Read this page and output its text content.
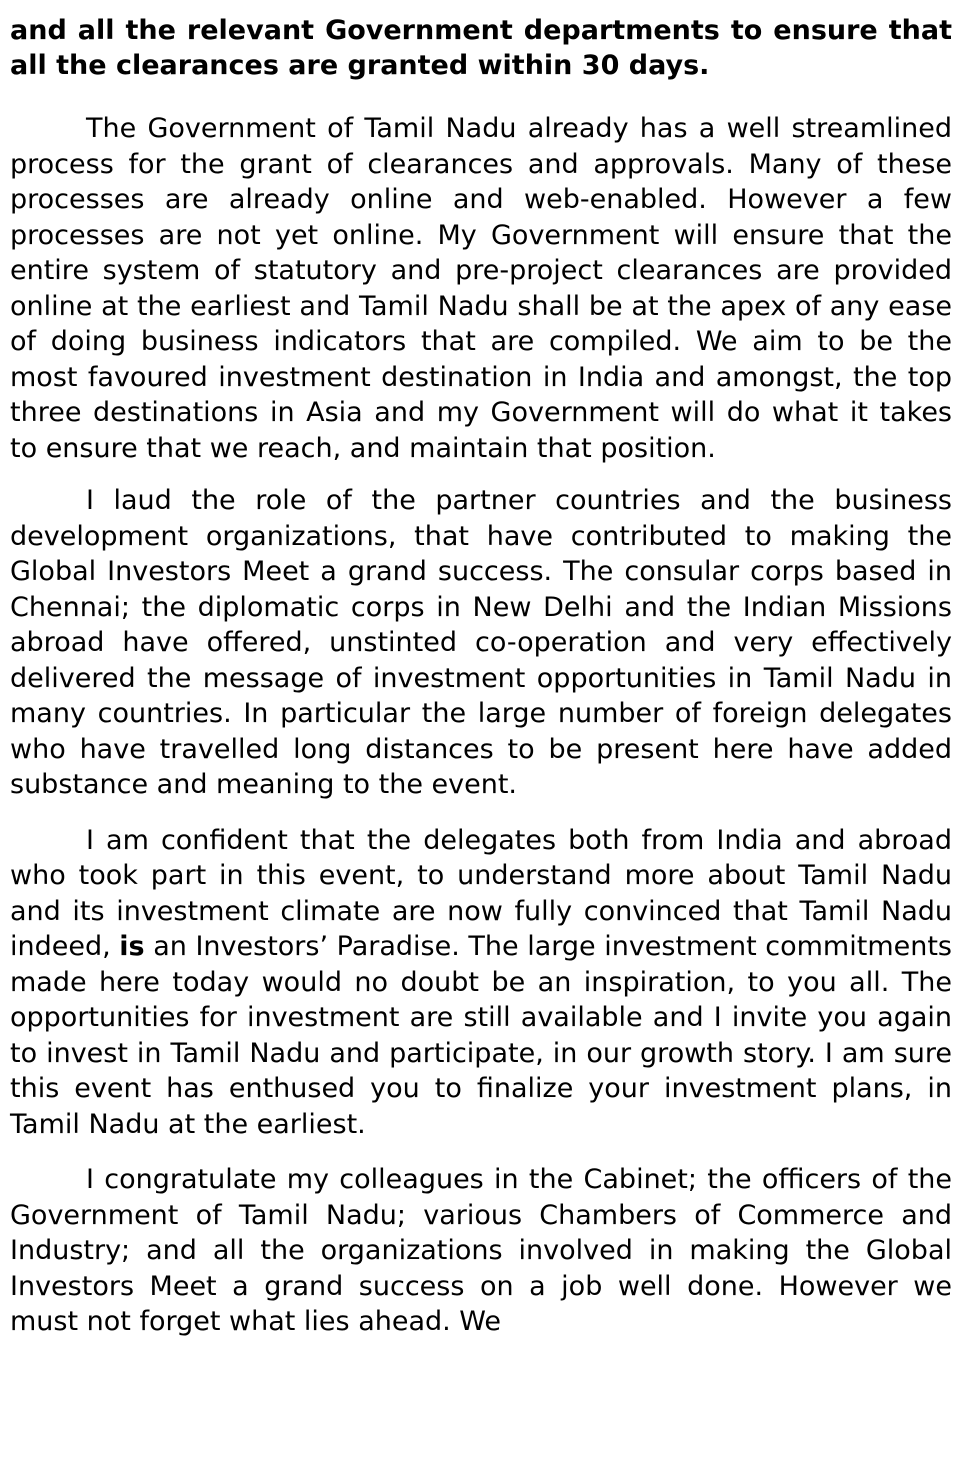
and all the relevant Government departments to ensure that all the clearances are granted within 30 days.

The Government of Tamil Nadu already has a well streamlined process for the grant of clearances and approvals. Many of these processes are already online and web-enabled. However a few processes are not yet online. My Government will ensure that the entire system of statutory and pre-project clearances are provided online at the earliest and Tamil Nadu shall be at the apex of any ease of doing business indicators that are compiled. We aim to be the most favoured investment destination in India and amongst, the top three destinations in Asia and my Government will do what it takes to ensure that we reach, and maintain that position.

I laud the role of the partner countries and the business development organizations, that have contributed to making the Global Investors Meet a grand success. The consular corps based in Chennai; the diplomatic corps in New Delhi and the Indian Missions abroad have offered, unstinted co-operation and very effectively delivered the message of investment opportunities in Tamil Nadu in many countries. In particular the large number of foreign delegates who have travelled long distances to be present here have added substance and meaning to the event.

I am confident that the delegates both from India and abroad who took part in this event, to understand more about Tamil Nadu and its investment climate are now fully convinced that Tamil Nadu indeed, is an Investors’ Paradise. The large investment commitments made here today would no doubt be an inspiration, to you all. The opportunities for investment are still available and I invite you again to invest in Tamil Nadu and participate, in our growth story. I am sure this event has enthused you to finalize your investment plans, in Tamil Nadu at the earliest.

I congratulate my colleagues in the Cabinet; the officers of the Government of Tamil Nadu; various Chambers of Commerce and Industry; and all the organizations involved in making the Global Investors Meet a grand success on a job well done. However we must not forget what lies ahead. We
